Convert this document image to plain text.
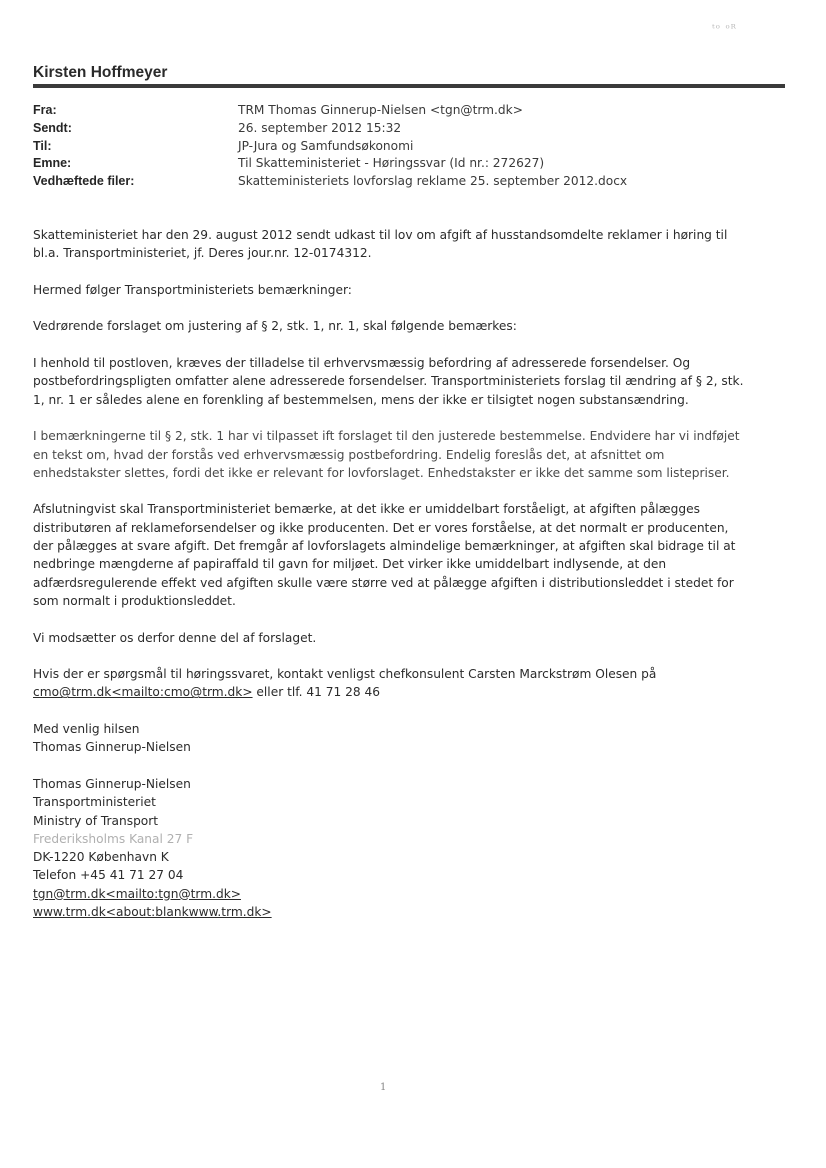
ᵗᵒ ᵒᴿ
Kirsten Hoffmeyer
Fra:	TRM Thomas Ginnerup-Nielsen <tgn@trm.dk>
Sendt:	26. september 2012 15:32
Til:	JP-Jura og Samfundsøkonomi
Emne:	Til Skatteministeriet - Høringssvar (Id nr.: 272627)
Vedhæftede filer:	Skatteministeriets lovforslag reklame 25. september 2012.docx

Skatteministeriet har den 29. august 2012 sendt udkast til lov om afgift af husstandsomdelte reklamer i høring til
bl.a. Transportministeriet, jf. Deres jour.nr. 12-0174312.

Hermed følger Transportministeriets bemærkninger:

Vedrørende forslaget om justering af § 2, stk. 1, nr. 1, skal følgende bemærkes:

I henhold til postloven, kræves der tilladelse til erhvervsmæssig befordring af adresserede forsendelser. Og
postbefordringspligten omfatter alene adresserede forsendelser. Transportministeriets forslag til ændring af § 2, stk.
1, nr. 1 er således alene en forenkling af bestemmelsen, mens der ikke er tilsigtet nogen substansændring.

I bemærkningerne til § 2, stk. 1 har vi tilpasset ift forslaget til den justerede bestemmelse. Endvidere har vi indføjet
en tekst om, hvad der forstås ved erhvervsmæssig postbefordring. Endelig foreslås det, at afsnittet om
enhedstakster slettes, fordi det ikke er relevant for lovforslaget. Enhedstakster er ikke det samme som listepriser.

Afslutningvist skal Transportministeriet bemærke, at det ikke er umiddelbart forståeligt, at afgiften pålægges
distributøren af reklameforsendelser og ikke producenten. Det er vores forståelse, at det normalt er producenten,
der pålægges at svare afgift. Det fremgår af lovforslagets almindelige bemærkninger, at afgiften skal bidrage til at
nedbringe mængderne af papiraffald til gavn for miljøet. Det virker ikke umiddelbart indlysende, at den
adfærdsregulerende effekt ved afgiften skulle være større ved at pålægge afgiften i distributionsleddet i stedet for
som normalt i produktionsleddet.

Vi modsætter os derfor denne del af forslaget.

Hvis der er spørgsmål til høringssvaret, kontakt venligst chefkonsulent Carsten Marckstrøm Olesen på
cmo@trm.dk<mailto:cmo@trm.dk> eller tlf. 41 71 28 46

Med venlig hilsen
Thomas Ginnerup-Nielsen
Thomas Ginnerup-Nielsen
Transportministeriet
Ministry of Transport
Frederiksholms Kanal 27 F
DK-1220 København K
Telefon +45 41 71 27 04
tgn@trm.dk<mailto:tgn@trm.dk>
www.trm.dk<about:blankwww.trm.dk>
1
